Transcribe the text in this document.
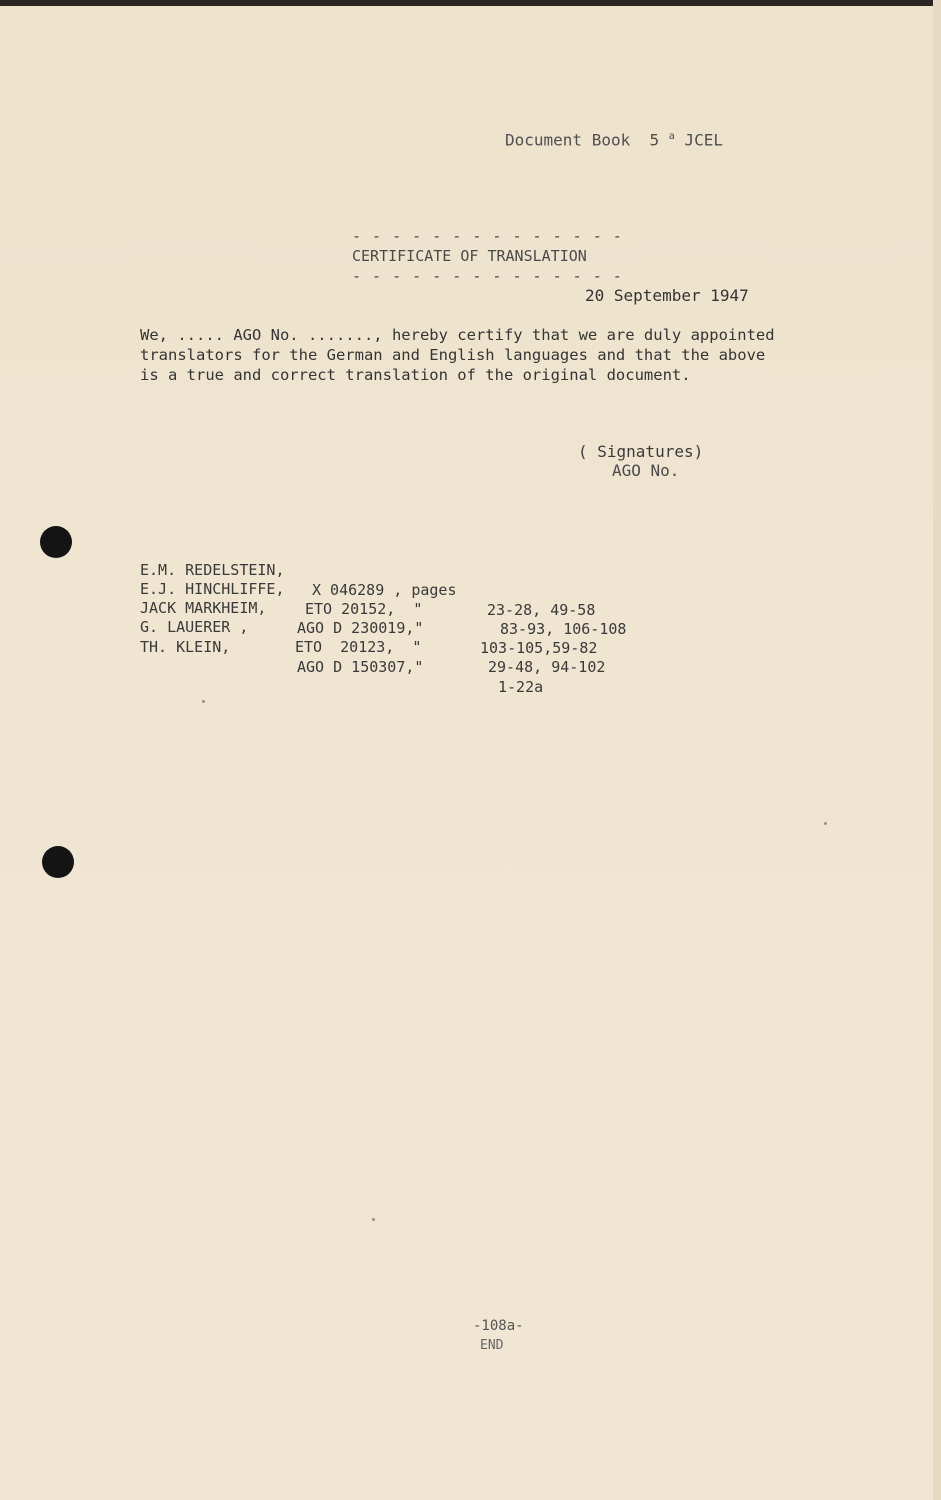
Document Book  5 $^a$ JCEL
- - - - - - - - - - - - - -
CERTIFICATE OF TRANSLATION
- - - - - - - - - - - - - -
20 September 1947
We, ..... AGO No. ......., hereby certify that we are duly appointed
translators for the German and English languages and that the above
is a true and correct translation of the original document.
( Signatures)
AGO No.

E.M. REDELSTEIN,

X 046289 , pages

23-28, 49-58

E.J. HINCHLIFFE,

ETO 20152,  "

83-93, 106-108

JACK MARKHEIM,

AGO D 230019,"

103-105,59-82

G. LAUERER ,

ETO  20123,  "

29-48, 94-102

TH. KLEIN,

AGO D 150307,"

1-22a

-108a-
END
